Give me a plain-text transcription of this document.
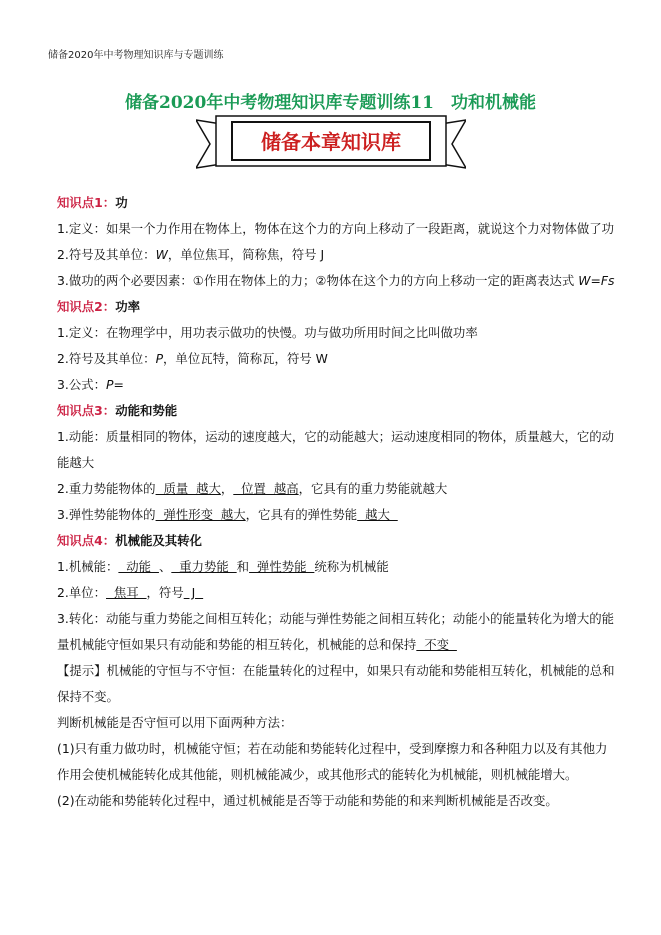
储备2020年中考物理知识库与专题训练
储备2020年中考物理知识库专题训练11　功和机械能
储备本章知识库
知识点1：功
1.定义：如果一个力作用在物体上，物体在这个力的方向上移动了一段距离，就说这个力对物体做了功
2.符号及其单位：W，单位焦耳，简称焦，符号 J
3.做功的两个必要因素：①作用在物体上的力；②物体在这个力的方向上移动一定的距离表达式 W=Fs
知识点2：功率
1.定义：在物理学中，用功表示做功的快慢。功与做功所用时间之比叫做功率
2.符号及其单位：P，单位瓦特，简称瓦，符号 W
3.公式：P=
知识点3：动能和势能
1.动能：质量相同的物体，运动的速度越大，它的动能越大；运动速度相同的物体，质量越大，它的动能越大
2.重力势能物体的  质量  越大，  位置  越高，它具有的重力势能就越大
3.弹性势能物体的  弹性形变  越大，它具有的弹性势能  越大
知识点4：机械能及其转化
1.机械能：  动能  、  重力势能  和  弹性势能  统称为机械能
2.单位：  焦耳  ，符号  J
3.转化：动能与重力势能之间相互转化；动能与弹性势能之间相互转化；动能小的能量转化为增大的能量机械能守恒如果只有动能和势能的相互转化，机械能的总和保持  不变
【提示】机械能的守恒与不守恒：在能量转化的过程中，如果只有动能和势能相互转化，机械能的总和保持不变。
判断机械能是否守恒可以用下面两种方法：
(1)只有重力做功时，机械能守恒；若在动能和势能转化过程中，受到摩擦力和各种阻力以及有其他力作用会使机械能转化成其他能，则机械能减少，或其他形式的能转化为机械能，则机械能增大。
(2)在动能和势能转化过程中，通过机械能是否等于动能和势能的和来判断机械能是否改变。
